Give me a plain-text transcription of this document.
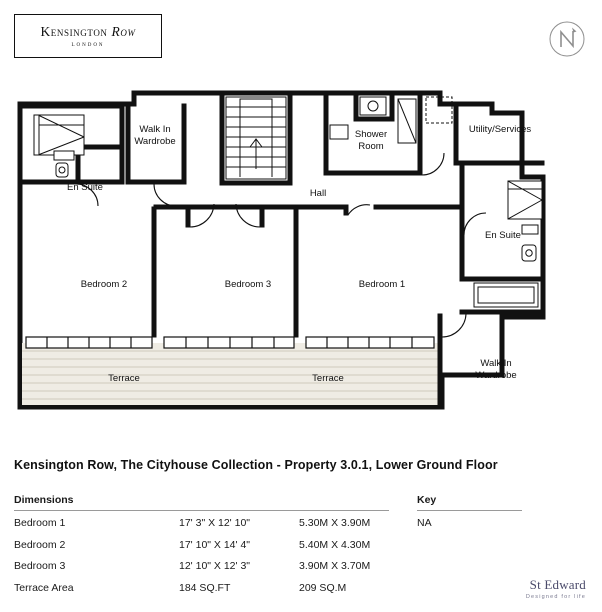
Kensington Row
LONDON
En Suite
Walk In
Wardrobe
Shower
Room
Utility/Services
Hall
En Suite
Bedroom 2	Bedroom 3	Bedroom 1
Walk In
Wardrobe
Terrace	Terrace
Kensington Row, The Cityhouse Collection - Property 3.0.1, Lower Ground Floor
Dimensions
Bedroom 1	17' 3" X 12' 10"	5.30M X 3.90M
Bedroom 2	17' 10" X 14' 4"	5.40M X 4.30M
Bedroom 3	12' 10" X 12' 3"	3.90M X 3.70M
Terrace Area	184 SQ.FT	209 SQ.M
Key
NA
St Edward
Designed for life
